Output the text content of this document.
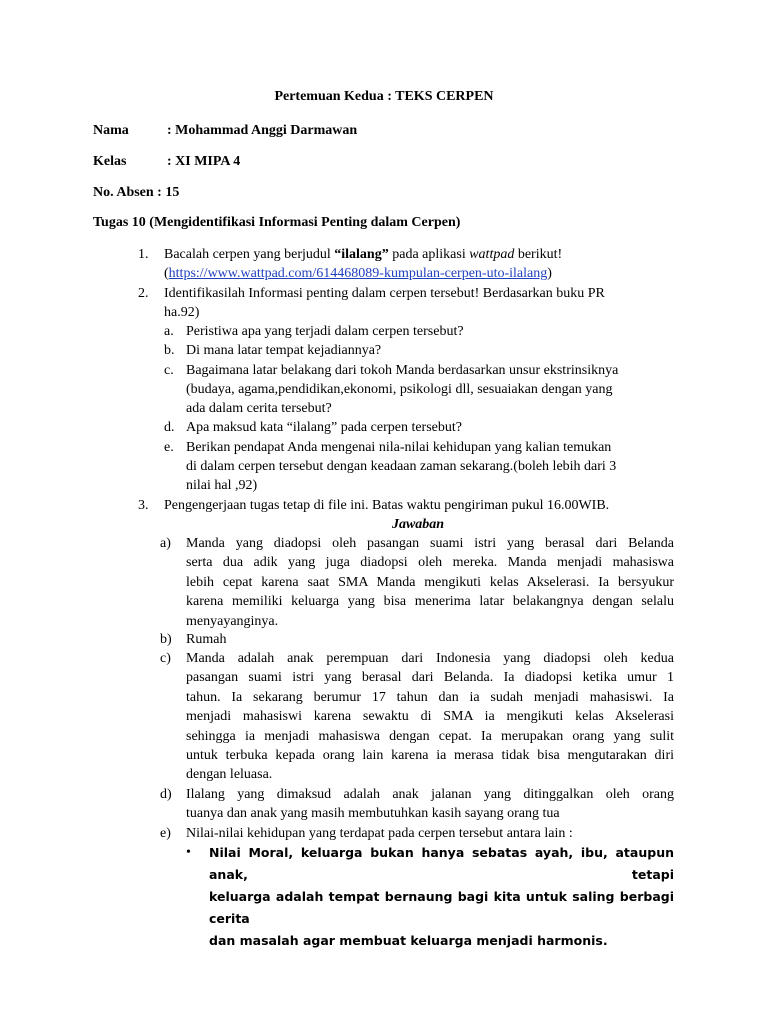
Pertemuan Kedua : TEKS CERPEN
Nama	: Mohammad Anggi Darmawan
Kelas	: XI MIPA 4
No. Absen : 15
Tugas 10 (Mengidentifikasi Informasi Penting dalam Cerpen)
1. Bacalah cerpen yang berjudul “ilalang” pada aplikasi wattpad berikut!
(https://www.wattpad.com/614468089-kumpulan-cerpen-uto-ilalang)
2. Identifikasilah Informasi penting dalam cerpen tersebut! Berdasarkan buku PR
ha.92)
a. Peristiwa apa yang terjadi dalam cerpen tersebut?
b. Di mana latar tempat kejadiannya?
c. Bagaimana latar belakang dari tokoh Manda berdasarkan unsur ekstrinsiknya
(budaya, agama,pendidikan,ekonomi, psikologi dll, sesuaiakan dengan yang
ada dalam cerita tersebut?
d. Apa maksud kata “ilalang” pada cerpen tersebut?
e. Berikan pendapat Anda mengenai nila-nilai kehidupan yang kalian temukan
di dalam cerpen tersebut dengan keadaan zaman sekarang.(boleh lebih dari 3
nilai hal ,92)
3. Pengengerjaan tugas tetap di file ini. Batas waktu pengiriman pukul 16.00WIB.
Jawaban
a) Manda yang diadopsi oleh pasangan suami istri yang berasal dari Belanda
serta dua adik yang juga diadopsi oleh mereka. Manda menjadi mahasiswa
lebih cepat karena saat SMA Manda mengikuti kelas Akselerasi. Ia bersyukur
karena memiliki keluarga yang bisa menerima latar belakangnya dengan selalu
menyayanginya.
b) Rumah
c) Manda adalah anak perempuan dari Indonesia yang diadopsi oleh kedua
pasangan suami istri yang berasal dari Belanda. Ia diadopsi ketika umur 1
tahun. Ia sekarang berumur 17 tahun dan ia sudah menjadi mahasiswi. Ia
menjadi mahasiswi karena sewaktu di SMA ia mengikuti kelas Akselerasi
sehingga ia menjadi mahasiswa dengan cepat. Ia merupakan orang yang sulit
untuk terbuka kepada orang lain karena ia merasa tidak bisa mengutarakan diri
dengan leluasa.
d) Ilalang yang dimaksud adalah anak jalanan yang ditinggalkan oleh orang
tuanya dan anak yang masih membutuhkan kasih sayang orang tua
e) Nilai-nilai kehidupan yang terdapat pada cerpen tersebut antara lain :
• Nilai Moral, keluarga bukan hanya sebatas ayah, ibu, ataupun anak, tetapi
keluarga adalah tempat bernaung bagi kita untuk saling berbagi cerita
dan masalah agar membuat keluarga menjadi harmonis.
